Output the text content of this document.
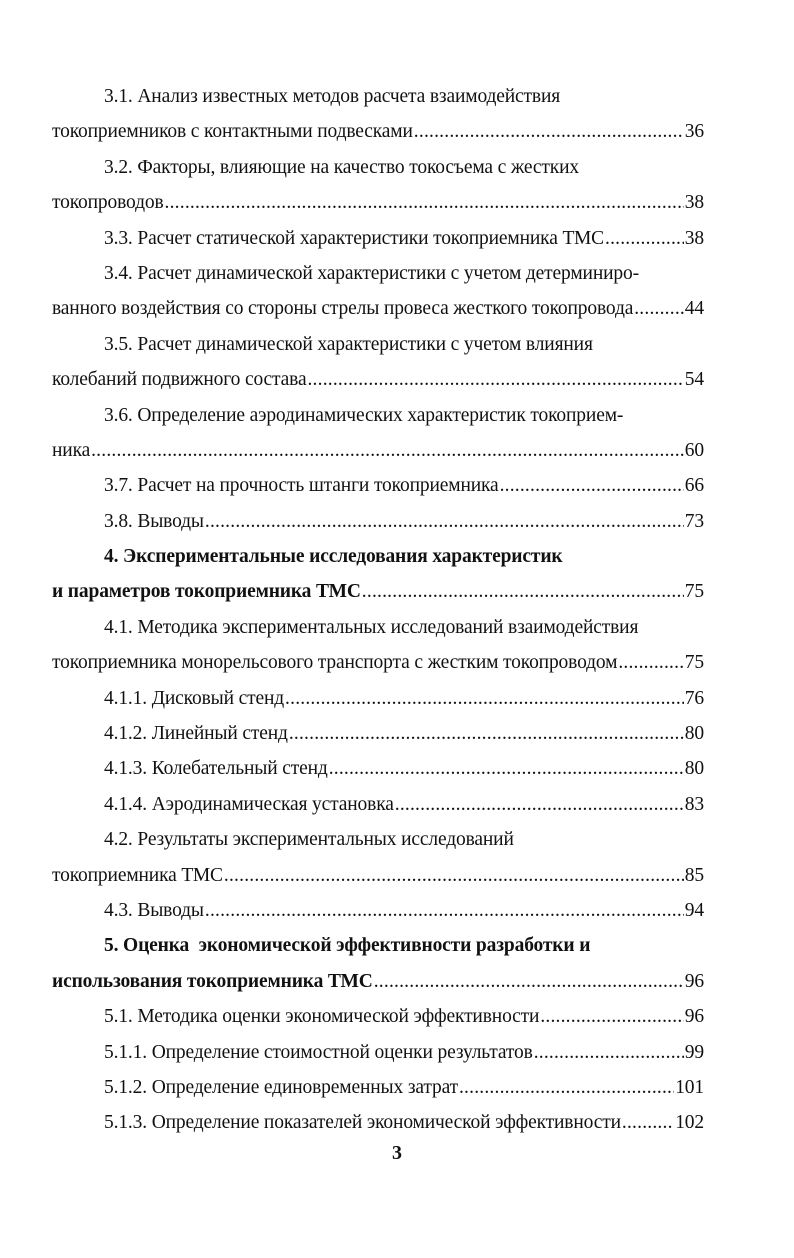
3.1. Анализ известных методов расчета взаимодействия
токоприемников с контактными подвесками .....	36
3.2. Факторы, влияющие на качество токосъема с жестких
токопроводов .....	38
3.3. Расчет статической характеристики токоприемника ТМС .....	38
3.4. Расчет динамической характеристики с учетом детерминиро-
ванного воздействия со стороны стрелы провеса жесткого токопровода .....	44
3.5. Расчет динамической характеристики с учетом влияния
колебаний подвижного состава .....	54
3.6. Определение аэродинамических характеристик токоприем-
ника .....	60
3.7. Расчет на прочность штанги токоприемника .....	66
3.8. Выводы .....	73
4. Экспериментальные исследования характеристик
и параметров токоприемника ТМС .....	75
4.1. Методика экспериментальных исследований взаимодействия
токоприемника монорельсового транспорта с жестким токопроводом .....	75
4.1.1. Дисковый стенд .....	76
4.1.2. Линейный стенд .....	80
4.1.3. Колебательный стенд .....	80
4.1.4. Аэродинамическая установка .....	83
4.2. Результаты экспериментальных исследований
токоприемника ТМС .....	85
4.3. Выводы .....	94
5. Оценка  экономической эффективности разработки и
использования токоприемника ТМС .....	96
5.1. Методика оценки экономической эффективности .....	96
5.1.1. Определение стоимостной оценки результатов .....	99
5.1.2. Определение единовременных затрат .....	101
5.1.3. Определение показателей экономической эффективности .....	102
3
